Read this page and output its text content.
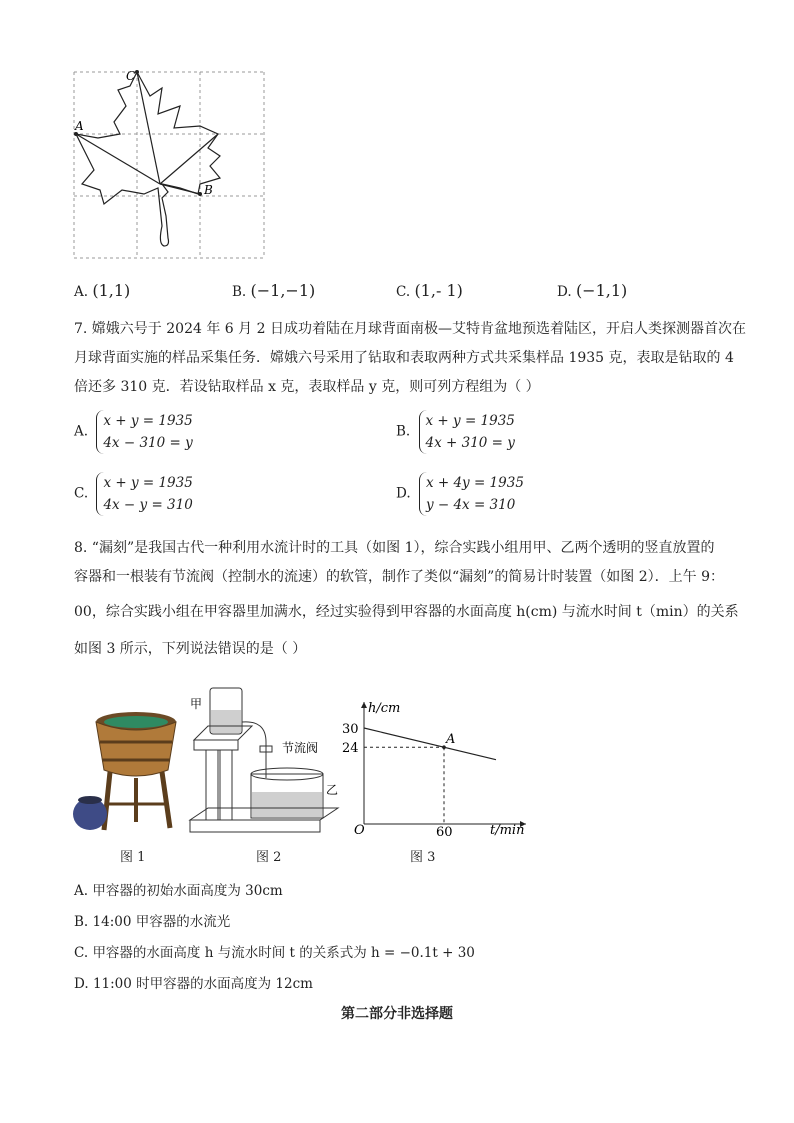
C
A
B
A. (1,1)	B. (−1,−1)	C. (1,- 1)	D. (−1,1)
7. 嫦娥六号于 2024 年 6 月 2 日成功着陆在月球背面南极—艾特肯盆地预选着陆区，开启人类探测器首次在
月球背面实施的样品采集任务．嫦娥六号采用了钻取和表取两种方式共采集样品 1935 克，表取是钻取的 4
倍还多 310 克．若设钻取样品 x 克，表取样品 y 克，则可列方程组为（ ）
A. x + y = 1935
4x − 310 = y
B. x + y = 1935
4x + 310 = y
C. x + y = 1935
4x − y = 310
D. x + 4y = 1935
y − 4x = 310
8. “漏刻”是我国古代一种利用水流计时的工具（如图 1），综合实践小组用甲、乙两个透明的竖直放置的
容器和一根装有节流阀（控制水的流速）的软管，制作了类似“漏刻”的简易计时装置（如图 2）．上午 9：
00，综合实践小组在甲容器里加满水，经过实验得到甲容器的水面高度 h(cm) 与流水时间 t（min）的关系
如图 3 所示，下列说法错误的是（ ）
甲
节流阀
乙
h/cm
t/min
O
30
24
60
A
图 1	图 2	图 3
A. 甲容器的初始水面高度为 30cm
B. 14:00 甲容器的水流光
C. 甲容器的水面高度 h 与流水时间 t 的关系式为 h = −0.1t + 30
D. 11:00 时甲容器的水面高度为 12cm
第二部分非选择题
